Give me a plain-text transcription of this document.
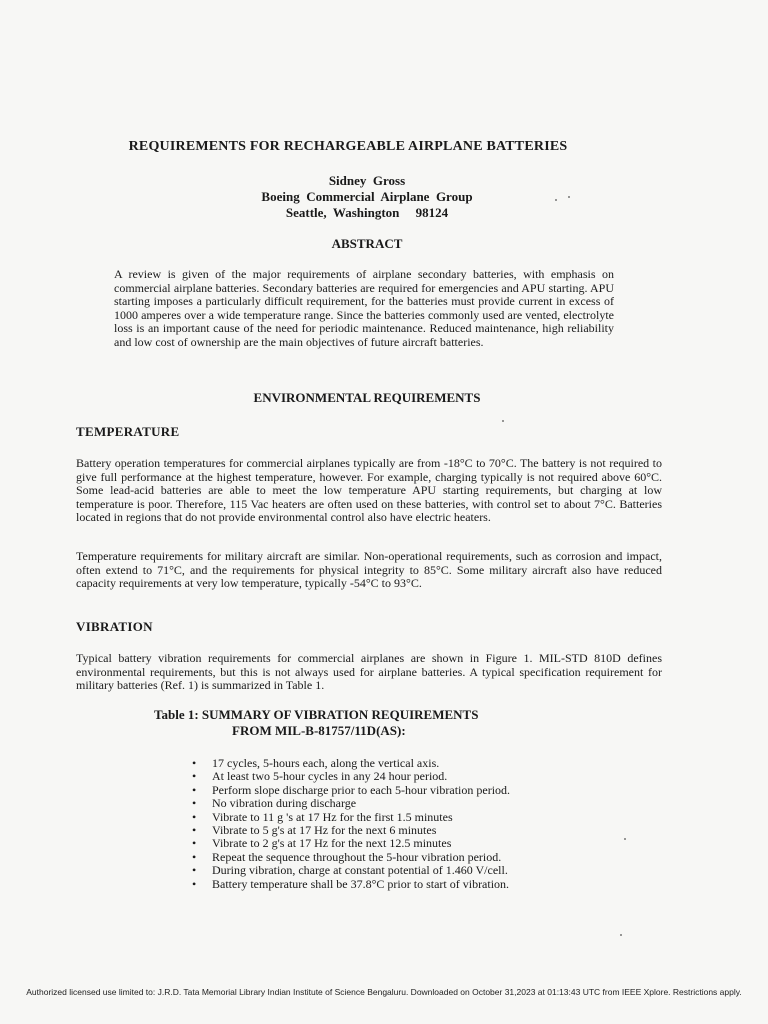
REQUIREMENTS FOR RECHARGEABLE AIRPLANE BATTERIES
Sidney  Gross
Boeing  Commercial  Airplane  Group
Seattle,  Washington     98124
ABSTRACT
A review is given of the major requirements of airplane secondary batteries, with emphasis on commercial airplane batteries. Secondary batteries are required for emergencies and APU starting. APU starting imposes a particularly difficult requirement, for the batteries must provide current in excess of 1000 amperes over a wide temperature range. Since the batteries commonly used are vented, electrolyte loss is an important cause of the need for periodic maintenance. Reduced maintenance, high reliability and low cost of ownership are the main objectives of future aircraft batteries.
ENVIRONMENTAL REQUIREMENTS
TEMPERATURE
Battery operation temperatures for commercial airplanes typically are from -18°C to 70°C. The battery is not required to give full performance at the highest temperature, however. For example, charging typically is not required above 60°C. Some lead-acid batteries are able to meet the low temperature APU starting requirements, but charging at low temperature is poor. Therefore, 115 Vac heaters are often used on these batteries, with control set to about 7°C. Batteries located in regions that do not provide environmental control also have electric heaters.
Temperature requirements for military aircraft are similar. Non-operational requirements, such as corrosion and impact, often extend to 71°C, and the requirements for physical integrity to 85°C. Some military aircraft also have reduced capacity requirements at very low temperature, typically -54°C to 93°C.
VIBRATION
Typical battery vibration requirements for commercial airplanes are shown in Figure 1. MIL-STD 810D defines environmental requirements, but this is not always used for airplane batteries. A typical specification requirement for military batteries (Ref. 1) is summarized in Table 1.
Table 1: SUMMARY OF VIBRATION REQUIREMENTS
FROM MIL-B-81757/11D(AS):
• 17 cycles, 5-hours each, along the vertical axis.
• At least two 5-hour cycles in any 24 hour period.
• Perform slope discharge prior to each 5-hour vibration period.
• No vibration during discharge
• Vibrate to 11 g 's at 17 Hz for the first 1.5 minutes
• Vibrate to 5 g's at 17 Hz for the next 6 minutes
• Vibrate to 2 g's at 17 Hz for the next 12.5 minutes
• Repeat the sequence throughout the 5-hour vibration period.
• During vibration, charge at constant potential of 1.460 V/cell.
• Battery temperature shall be 37.8°C prior to start of vibration.
Authorized licensed use limited to: J.R.D. Tata Memorial Library Indian Institute of Science Bengaluru. Downloaded on October 31,2023 at 01:13:43 UTC from IEEE Xplore. Restrictions apply.
